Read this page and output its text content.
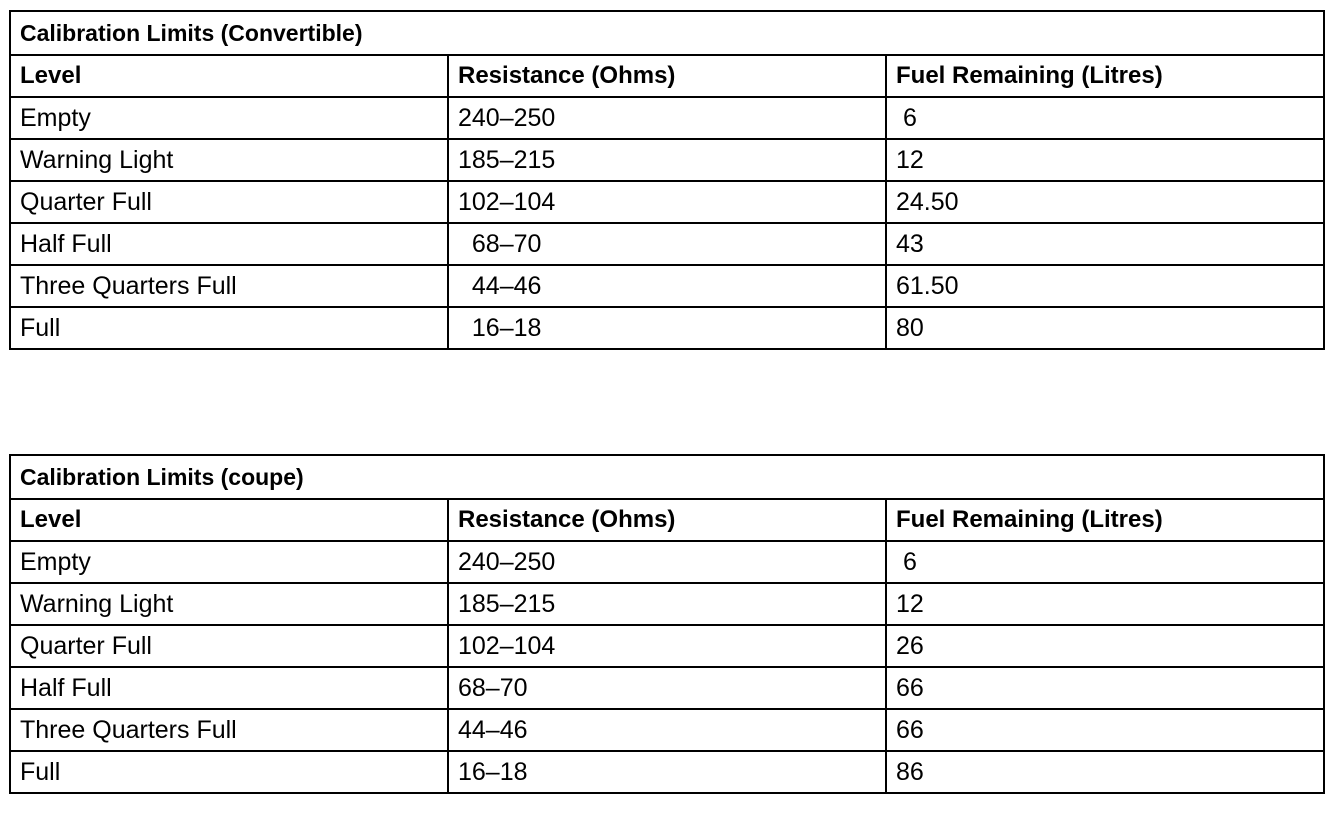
Calibration Limits (Convertible)		
Level	Resistance (Ohms)	Fuel Remaining (Litres)
Empty	240–250	6
Warning Light	185–215	12
Quarter Full	102–104	24.50
Half Full	68–70	43
Three Quarters Full	44–46	61.50
Full	16–18	80
Calibration Limits (coupe)		
Level	Resistance (Ohms)	Fuel Remaining (Litres)
Empty	240–250	6
Warning Light	185–215	12
Quarter Full	102–104	26
Half Full	68–70	66
Three Quarters Full	44–46	66
Full	16–18	86
